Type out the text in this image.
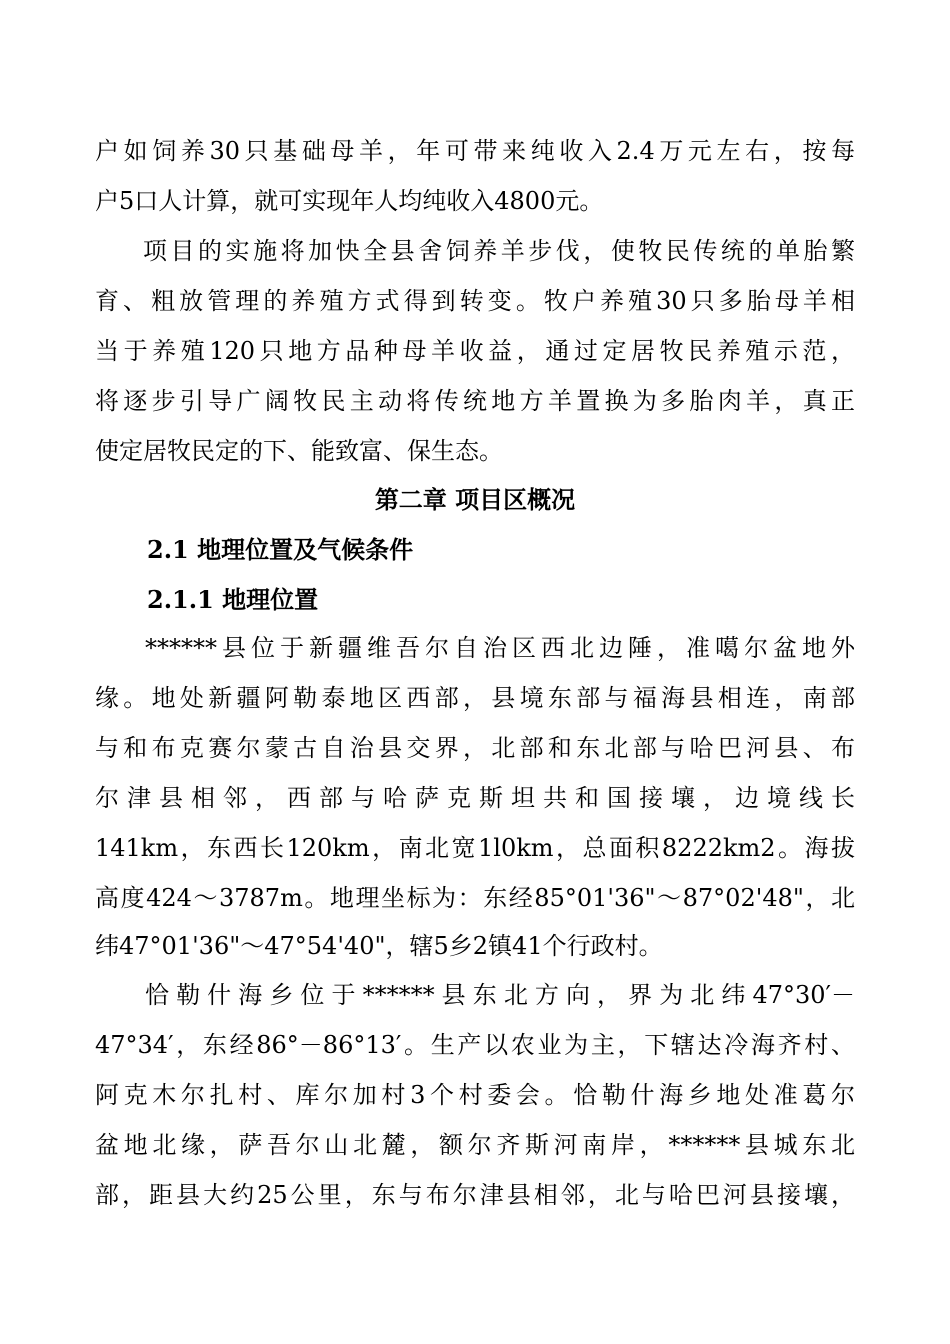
户如饲养30只基础母羊，年可带来纯收入2.4万元左右，按每
户5口人计算，就可实现年人均纯收入4800元。
项目的实施将加快全县舍饲养羊步伐，使牧民传统的单胎繁
育、粗放管理的养殖方式得到转变。牧户养殖30只多胎母羊相
当于养殖120只地方品种母羊收益，通过定居牧民养殖示范，
将逐步引导广阔牧民主动将传统地方羊置换为多胎肉羊，真正
使定居牧民定的下、能致富、保生态。
第二章 项目区概况
2.1 地理位置及气候条件
2.1.1 地理位置
******县位于新疆维吾尔自治区西北边陲，准噶尔盆地外
缘。地处新疆阿勒泰地区西部，县境东部与福海县相连，南部
与和布克赛尔蒙古自治县交界，北部和东北部与哈巴河县、布
尔津县相邻，西部与哈萨克斯坦共和国接壤，边境线长
141km，东西长120km，南北宽1l0km，总面积8222km2。海拔
高度424～3787m。地理坐标为：东经85°01'36"～87°02'48"，北
纬47°01'36"～47°54'40"，辖5乡2镇41个行政村。
恰勒什海乡位于******县东北方向，界为北纬47°30′－
47°34′，东经86°－86°13′。生产以农业为主，下辖达冷海齐村、
阿克木尔扎村、库尔加村3个村委会。恰勒什海乡地处准葛尔
盆地北缘，萨吾尔山北麓，额尔齐斯河南岸，******县城东北
部，距县大约25公里，东与布尔津县相邻，北与哈巴河县接壤，
